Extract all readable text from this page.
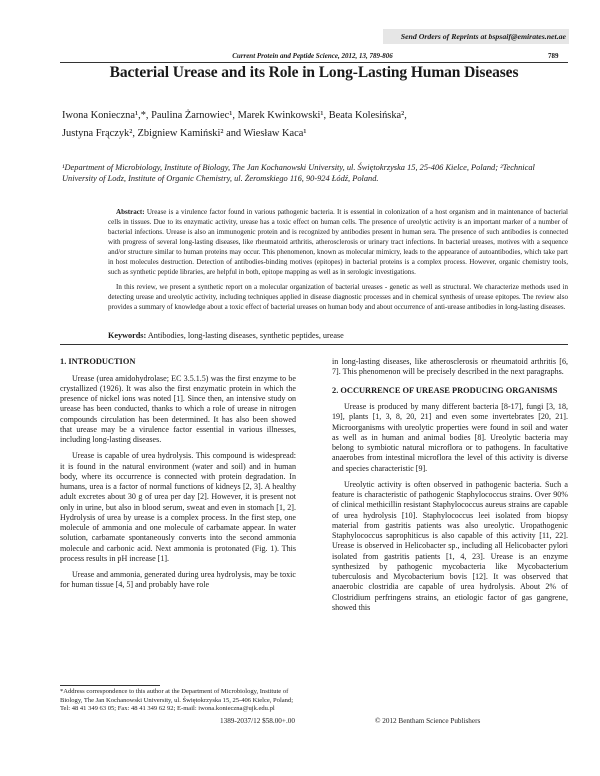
Send Orders of Reprints at bspsaif@emirates.net.ae
Current Protein and Peptide Science, 2012, 13, 789-806	789
Bacterial Urease and its Role in Long-Lasting Human Diseases
Iwona Konieczna¹,*, Paulina Żarnowiec¹, Marek Kwinkowski¹, Beata Kolesińska²,
Justyna Frączyk², Zbigniew Kamiński² and Wiesław Kaca¹
¹Department of Microbiology, Institute of Biology, The Jan Kochanowski University, ul. Świętokrzyska 15, 25-406 Kielce, Poland; ²Technical University of Lodz, Institute of Organic Chemistry, ul. Żeromskiego 116, 90-924 Łódź, Poland.

Abstract: Urease is a virulence factor found in various pathogenic bacteria. It is essential in colonization of a host organism and in maintenance of bacterial cells in tissues. Due to its enzymatic activity, urease has a toxic effect on human cells. The presence of ureolytic activity is an important marker of a number of bacterial infections. Urease is also an immunogenic protein and is recognized by antibodies present in human sera. The presence of such antibodies is connected with progress of several long-lasting diseases, like rheumatoid arthritis, atherosclerosis or urinary tract infections. In bacterial ureases, motives with a sequence and/or structure similar to human proteins may occur. This phenomenon, known as molecular mimicry, leads to the appearance of autoantibodies, which take part in host molecules destruction. Detection of antibodies-binding motives (epitopes) in bacterial proteins is a complex process. However, organic chemistry tools, such as synthetic peptide libraries, are helpful in both, epitope mapping as well as in serologic investigations.

In this review, we present a synthetic report on a molecular organization of bacterial ureases - genetic as well as structural. We characterize methods used in detecting urease and ureolytic activity, including techniques applied in disease diagnostic processes and in chemical synthesis of urease epitopes. The review also provides a summary of knowledge about a toxic effect of bacterial ureases on human body and about occurrence of anti-urease antibodies in long-lasting diseases.

Keywords: Antibodies, long-lasting diseases, synthetic peptides, urease
1. INTRODUCTION

Urease (urea amidohydrolase; EC 3.5.1.5) was the first enzyme to be crystallized (1926). It was also the first enzymatic protein in which the presence of nickel ions was noted [1]. Since then, an intensive study on urease has been conducted, thanks to which a role of urease in nitrogen compounds circulation has been determined. It has also been showed that urease may be a virulence factor essential in various illnesses, including long-lasting diseases.

Urease is capable of urea hydrolysis. This compound is widespread: it is found in the natural environment (water and soil) and in human body, where its occurrence is connected with protein degradation. In humans, urea is a factor of normal functions of kidneys [2, 3]. A healthy adult excretes about 30 g of urea per day [2]. However, it is present not only in urine, but also in blood serum, sweat and even in stomach [1, 2]. Hydrolysis of urea by urease is a complex process. In the first step, one molecule of ammonia and one molecule of carbamate appear. In water solution, carbamate spontaneously converts into the second ammonia molecule and carbonic acid. Next ammonia is protonated (Fig. 1). This process results in pH increase [1].

Urease and ammonia, generated during urea hydrolysis, may be toxic for human tissue [4, 5] and probably have role

in long-lasting diseases, like atherosclerosis or rheumatoid arthritis [6, 7]. This phenomenon will be precisely described in the next paragraphs.

2. OCCURRENCE OF UREASE PRODUCING ORGANISMS

Urease is produced by many different bacteria [8-17], fungi [3, 18, 19], plants [1, 3, 8, 20, 21] and even some invertebrates [20, 21]. Microorganisms with ureolytic properties were found in soil and water as well as in human and animal bodies [8]. Ureolytic bacteria may belong to symbiotic natural microflora or to pathogens. In facultative anaerobes from intestinal microflora the level of this activity is diverse and species characteristic [9].

Ureolytic activity is often observed in pathogenic bacteria. Such a feature is characteristic of pathogenic Staphylococcus strains. Over 90% of clinical methicillin resistant Staphylococcus aureus strains are capable of urea hydrolysis [10]. Staphylococcus leei isolated from biopsy material from gastritis patients was also ureolytic. Uropathogenic Staphylococcus saprophiticus is also capable of this activity [11, 22]. Urease is observed in Helicobacter sp., including all Helicobacter pylori isolated from gastritis patients [1, 4, 23]. Urease is an enzyme synthesized by pathogenic mycobacteria like Mycobacterium tuberculosis and Mycobacterium bovis [12]. It was observed that anaerobic clostridia are capable of urea hydrolysis. About 2% of Clostridium perfringens strains, an etiologic factor of gas gangrene, showed this

*Address correspondence to this author at the Department of Microbiology, Institute of Biology, The Jan Kochanowski University, ul. Świętokrzyska 15, 25-406 Kielce, Poland; Tel: 48 41 349 63 05; Fax: 48 41 349 62 92; E-mail: iwona.konieczna@ujk.edu.pl
1389-2037/12 $58.00+.00	© 2012 Bentham Science Publishers
